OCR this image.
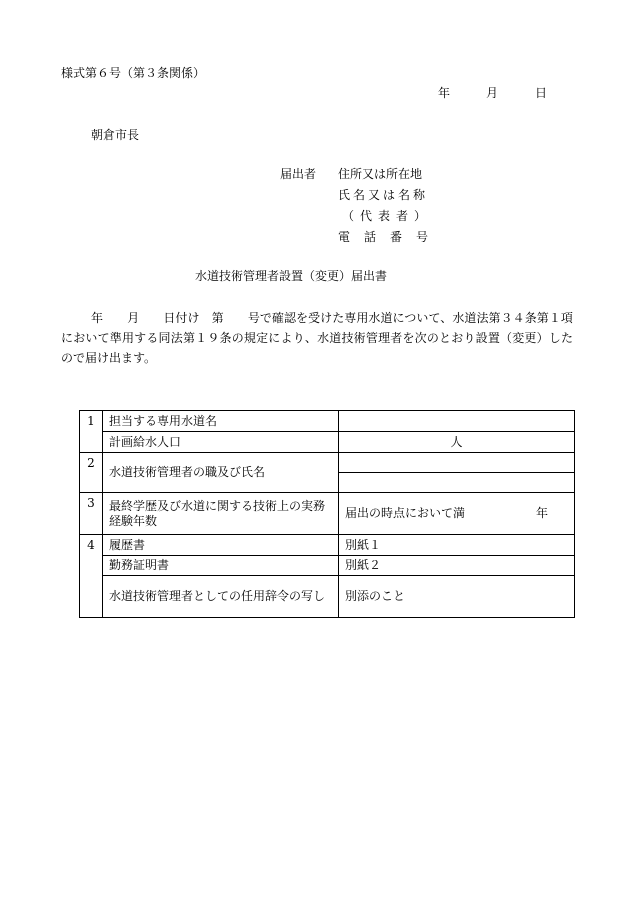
様式第６号（第３条関係）
年	月	日
朝倉市長
届出者 住所又は所在地
氏名又は名称
（代表者）
電話番号
水道技術管理者設置（変更）届出書

年　　 月　　 日付け　第　　 号で確認を受けた専用水道について、水道法第３４条第１項において準用する同法第１９条の規定により、水道技術管理者を次のとおり設置（変更）したので届け出ます。

1	担当する専用水道名	
	計画給水人口	人
2	水道技術管理者の職及び氏名	

3	最終学歴及び水道に関する技術上の実務経験年数	届出の時点において満 年

4	履歴書	別紙１
	勤務証明書	別紙２
	水道技術管理者としての任用辞令の写し	別添のこと
